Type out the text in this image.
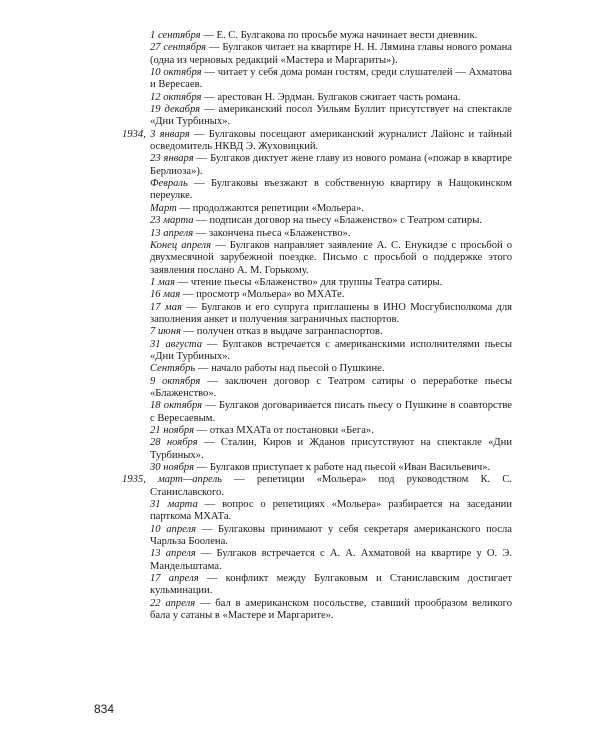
1 сентября — Е. С. Булгакова по просьбе мужа начинает вести дневник.

27 сентября — Булгаков читает на квартире Н. Н. Лямина главы нового романа (одна из черновых редакций «Мастера и Маргариты»).

10 октября — читает у себя дома роман гостям, среди слушателей — Ахматова и Вересаев.

12 октября — арестован Н. Эрдман. Булгаков сжигает часть романа.

19 декабря — американский посол Уильям Буллит присутствует на спектакле «Дни Турбиных».

1934, 3 января — Булгаковы посещают американский журналист Лайонс и тайный осведомитель НКВД Э. Жуховицкий.

23 января — Булгаков диктует жене главу из нового романа («пожар в квартире Берлиоза»).

Февраль — Булгаковы въезжают в собственную квартиру в Нащокинском переулке.

Март — продолжаются репетиции «Мольера».

23 марта — подписан договор на пьесу «Блаженство» с Театром сатиры.

13 апреля — закончена пьеса «Блаженство».

Конец апреля — Булгаков направляет заявление А. С. Енукидзе с просьбой о двухмесячной зарубежной поездке. Письмо с просьбой о поддержке этого заявления послано А. М. Горькому.

1 мая — чтение пьесы «Блаженство» для труппы Театра сатиры.

16 мая — просмотр «Мольера» во МХАТе.

17 мая — Булгаков и его супруга приглашены в ИНО Мосгубисполкома для заполнения анкет и получения заграничных паспортов.

7 июня — получен отказ в выдаче загранпаспортов.

31 августа — Булгаков встречается с американскими исполнителями пьесы «Дни Турбиных».

Сентябрь — начало работы над пьесой о Пушкине.

9 октября — заключен договор с Театром сатиры о переработке пьесы «Блаженство».

18 октября — Булгаков договаривается писать пьесу о Пушкине в соавторстве с Вересаевым.

21 ноября — отказ МХАТа от постановки «Бега».

28 ноября — Сталин, Киров и Жданов присутствуют на спектакле «Дни Турбиных».

30 ноября — Булгаков приступает к работе над пьесой «Иван Васильевич».

1935, март—апрель — репетиции «Мольера» под руководством К. С. Станиславского.

31 марта — вопрос о репетициях «Мольера» разбирается на заседании парткома МХАТа.

10 апреля — Булгаковы принимают у себя секретаря американского посла Чарльза Боолена.

13 апреля — Булгаков встречается с А. А. Ахматовой на квартире у О. Э. Мандельштама.

17 апреля — конфликт между Булгаковым и Станиславским достигает кульминации.

22 апреля — бал в американском посольстве, ставший прообразом великого бала у сатаны в «Мастере и Маргарите».

834
